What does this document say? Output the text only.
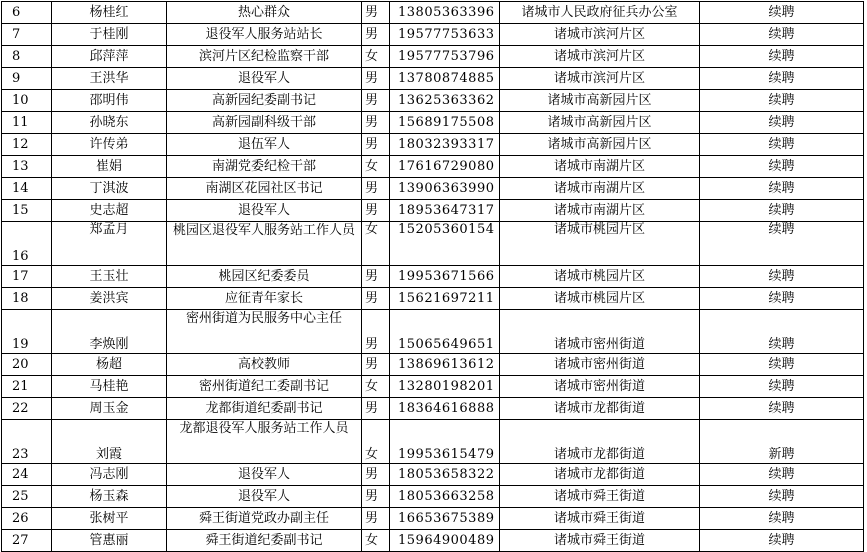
6	杨桂红	热心群众	男	13805363396	诸城市人民政府征兵办公室	续聘
7	于桂刚	退役军人服务站站长	男	19577753633	诸城市滨河片区	续聘
8	邱萍萍	滨河片区纪检监察干部	女	19577753796	诸城市滨河片区	续聘
9	王洪华	退役军人	男	13780874885	诸城市滨河片区	续聘
10	邵明伟	高新园纪委副书记	男	13625363362	诸城市高新园片区	续聘
11	孙晓东	高新园副科级干部	男	15689175508	诸城市高新园片区	续聘
12	许传弟	退伍军人	男	18032393317	诸城市高新园片区	续聘
13	崔娟	南湖党委纪检干部	女	17616729080	诸城市南湖片区	续聘
14	丁淇波	南湖区花园社区书记	男	13906363990	诸城市南湖片区	续聘
15	史志超	退役军人	男	18953647317	诸城市南湖片区	续聘
16	郑孟月	桃园区退役军人服务站工作人员	女	15205360154	诸城市桃园片区	续聘
17	王玉壮	桃园区纪委委员	男	19953671566	诸城市桃园片区	续聘
18	姜洪宾	应征青年家长	男	15621697211	诸城市桃园片区	续聘
19	李焕刚	密州街道为民服务中心主任	男	15065649651	诸城市密州街道	续聘
20	杨超	高校教师	男	13869613612	诸城市密州街道	续聘
21	马桂艳	密州街道纪工委副书记	女	13280198201	诸城市密州街道	续聘
22	周玉金	龙都街道纪委副书记	男	18364616888	诸城市龙都街道	续聘
23	刘霞	龙都退役军人服务站工作人员	女	19953615479	诸城市龙都街道	新聘
24	冯志刚	退役军人	男	18053658322	诸城市龙都街道	续聘
25	杨玉森	退役军人	男	18053663258	诸城市舜王街道	续聘
26	张树平	舜王街道党政办副主任	男	16653675389	诸城市舜王街道	续聘
27	管惠丽	舜王街道纪委副书记	女	15964900489	诸城市舜王街道	续聘
